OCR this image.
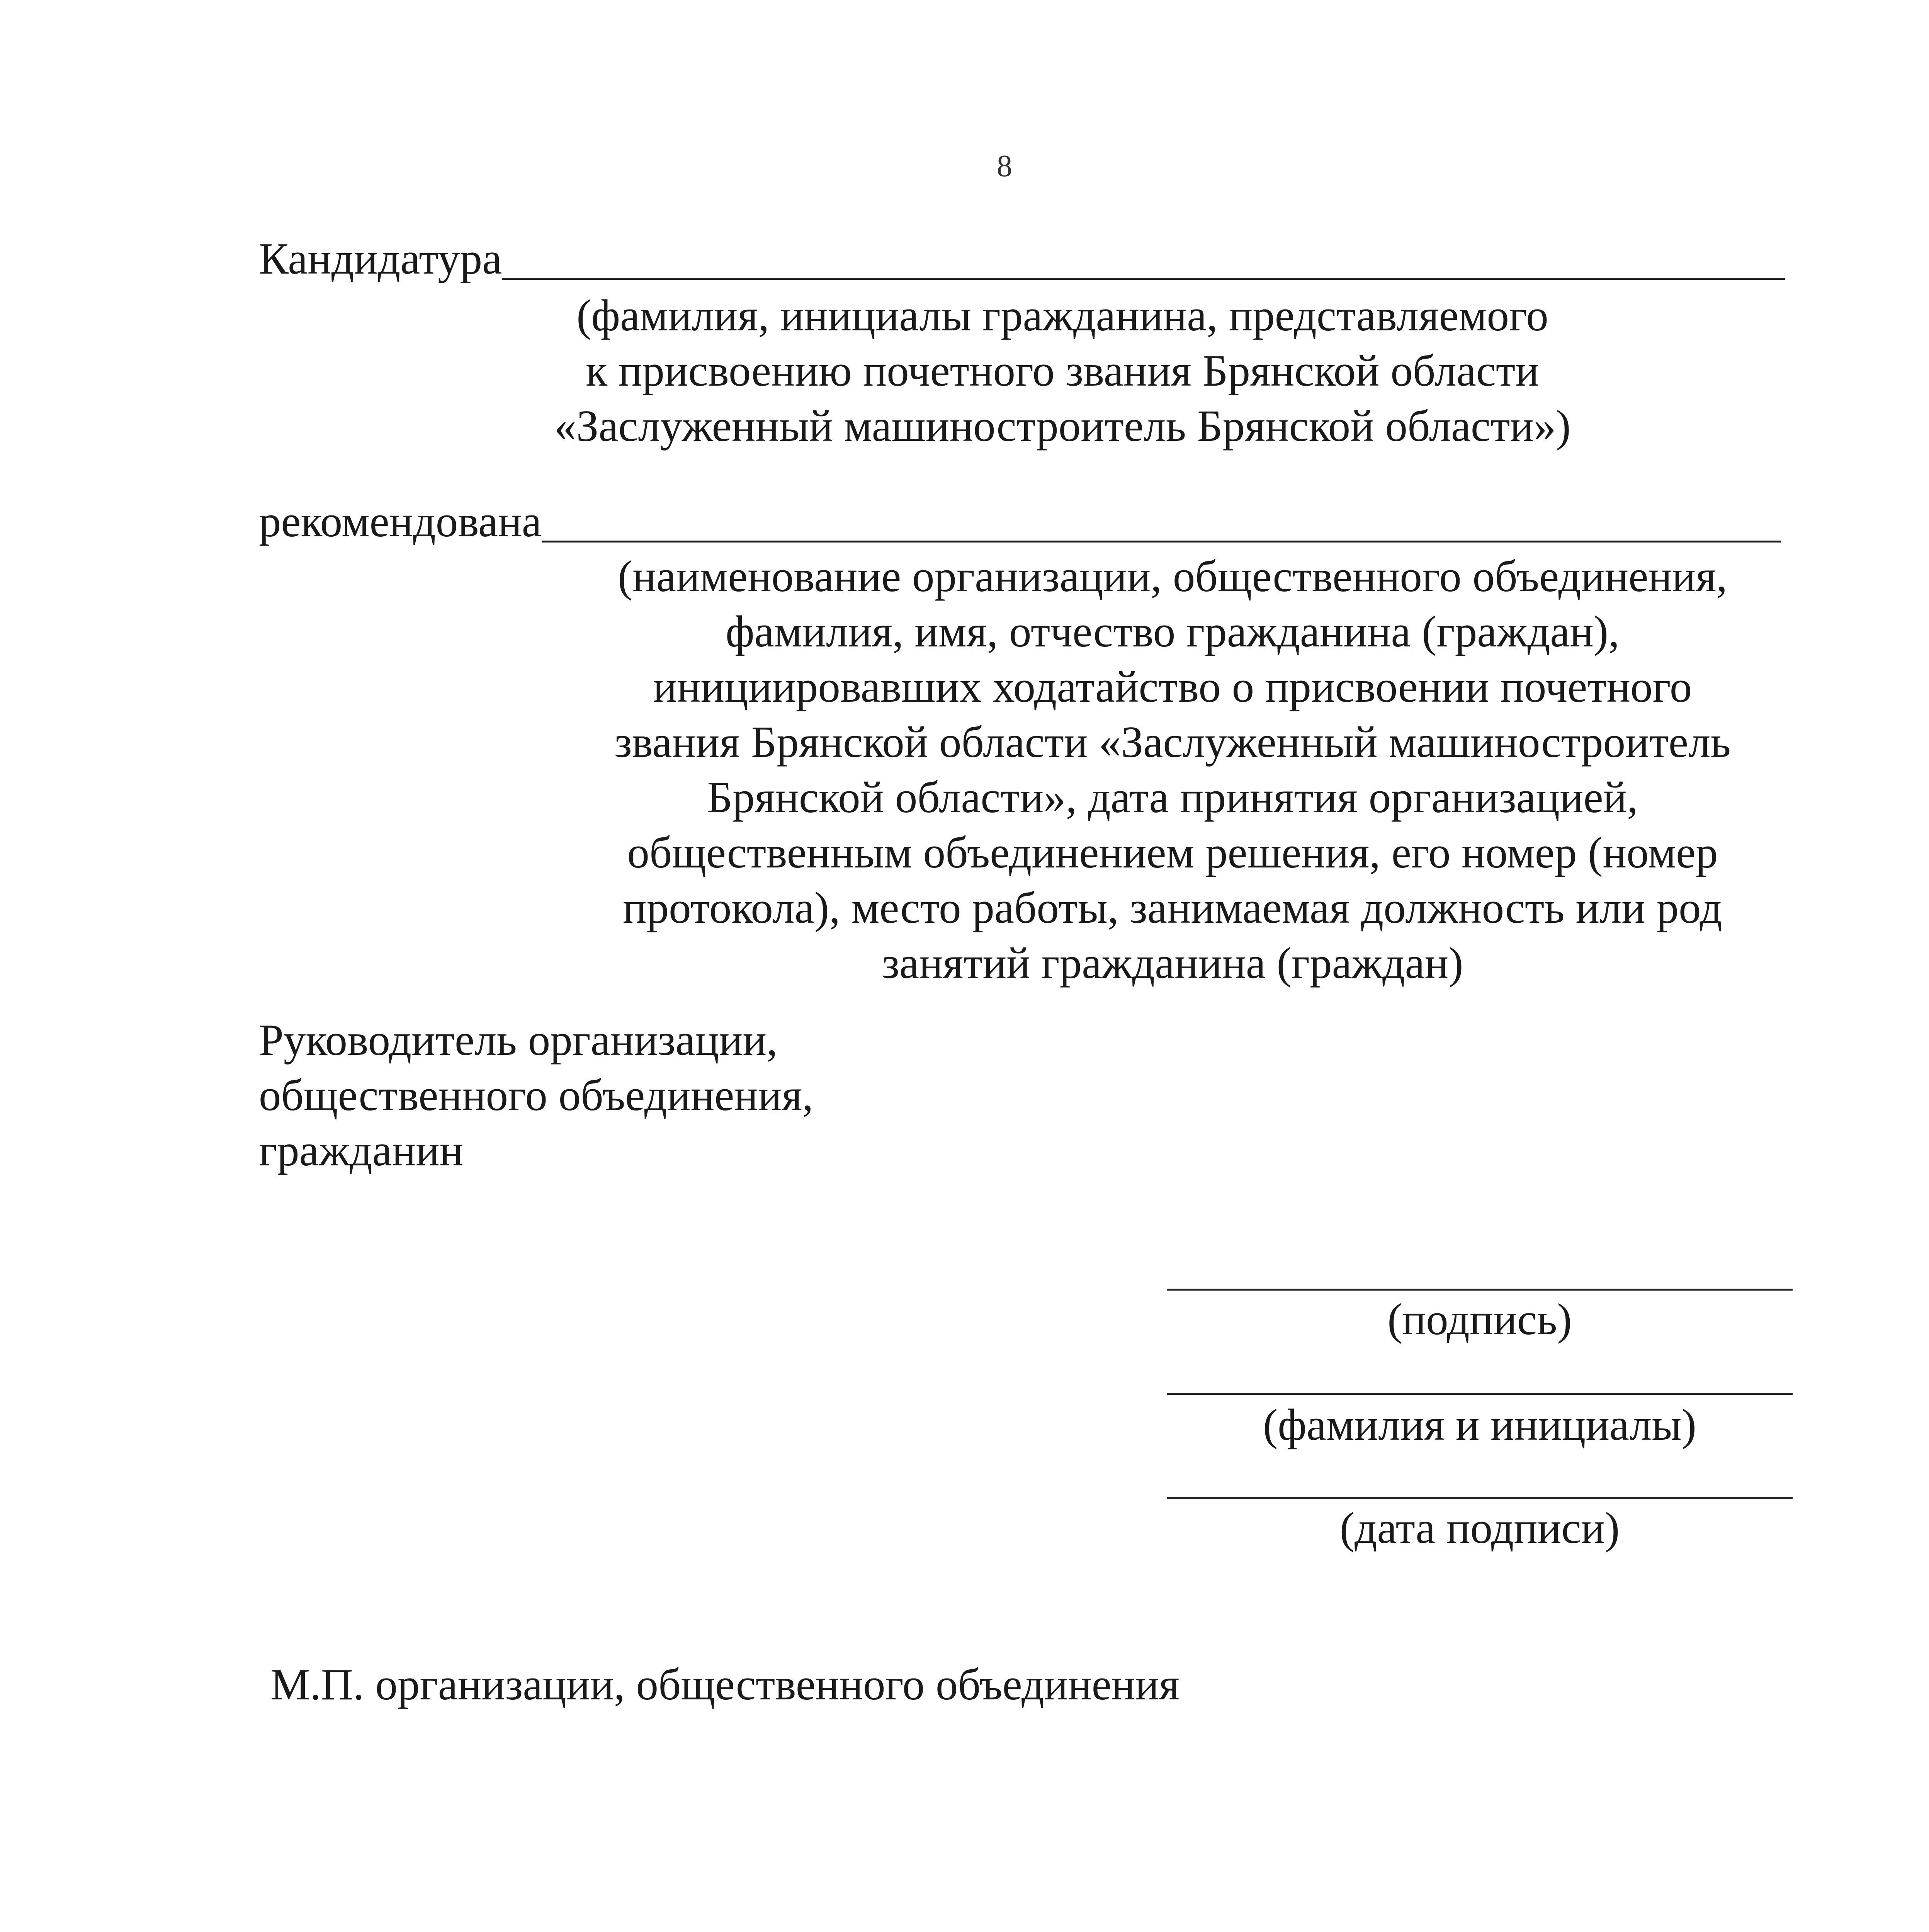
8
Кандидатура
(фамилия, инициалы гражданина, представляемого
к присвоению почетного звания Брянской области
«Заслуженный машиностроитель Брянской области»)
рекомендована
(наименование организации, общественного объединения,
фамилия, имя, отчество гражданина (граждан),
инициировавших ходатайство о присвоении почетного
звания Брянской области «Заслуженный машиностроитель
Брянской области», дата принятия организацией,
общественным объединением решения, его номер (номер
протокола), место работы, занимаемая должность или род
занятий гражданина (граждан)
Руководитель организации,
общественного объединения,
гражданин
(подпись)
(фамилия и инициалы)
(дата подписи)
М.П. организации, общественного объединения
